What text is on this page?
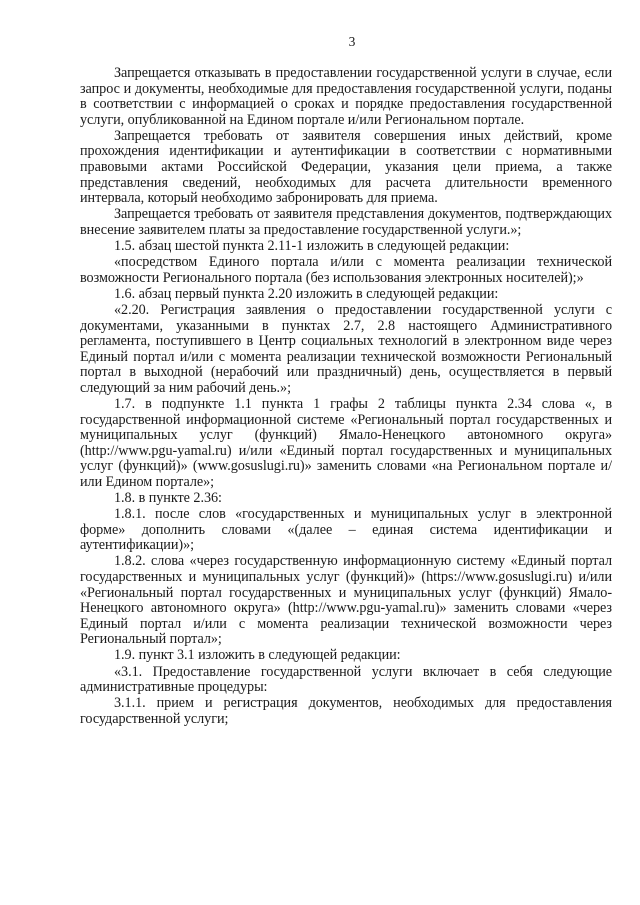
3

Запрещается отказывать в предоставлении государственной услуги в случае, если запрос и документы, необходимые для предоставления государственной услуги, поданы в соответствии с информацией о сроках и порядке предоставления государственной услуги, опубликованной на Едином портале и/или Региональном портале.

Запрещается требовать от заявителя совершения иных действий, кроме прохождения идентификации и аутентификации в соответствии с нормативными правовыми актами Российской Федерации, указания цели приема, а также представления сведений, необходимых для расчета длительности временного интервала, который необходимо забронировать для приема.

Запрещается требовать от заявителя представления документов, подтверждающих внесение заявителем платы за предоставление государственной услуги.»;

1.5. абзац шестой пункта 2.11-1 изложить в следующей редакции:

«посредством Единого портала и/или с момента реализации технической возможности Регионального портала (без использования электронных носителей);»

1.6. абзац первый пункта 2.20 изложить в следующей редакции:

«2.20. Регистрация заявления о предоставлении государственной услуги с документами, указанными в пунктах 2.7, 2.8 настоящего Административного регламента, поступившего в Центр социальных технологий в электронном виде через Единый портал и/или с момента реализации технической возможности Региональный портал в выходной (нерабочий или праздничный) день, осуществляется в первый следующий за ним рабочий день.»;

1.7. в подпункте 1.1 пункта 1 графы 2 таблицы пункта 2.34 слова «, в государственной информационной системе «Региональный портал государственных и муниципальных услуг (функций) Ямало-Ненецкого автономного округа» (http://www.pgu-yamal.ru) и/или «Единый портал государственных и муниципальных услуг (функций)» (www.gosuslugi.ru)» заменить словами «на Региональном портале и/или Едином портале»;

1.8. в пункте 2.36:

1.8.1. после слов «государственных и муниципальных услуг в электронной форме» дополнить словами «(далее – единая система идентификации и аутентификации)»;

1.8.2. слова «через государственную информационную систему «Единый портал государственных и муниципальных услуг (функций)» (https://www.gosuslugi.ru) и/или «Региональный портал государственных и муниципальных услуг (функций) Ямало-Ненецкого автономного округа» (http://www.pgu-yamal.ru)» заменить словами «через Единый портал и/или с момента реализации технической возможности через Региональный портал»;

1.9. пункт 3.1 изложить в следующей редакции:

«3.1. Предоставление государственной услуги включает в себя следующие административные процедуры:

3.1.1. прием и регистрация документов, необходимых для предоставления государственной услуги;
